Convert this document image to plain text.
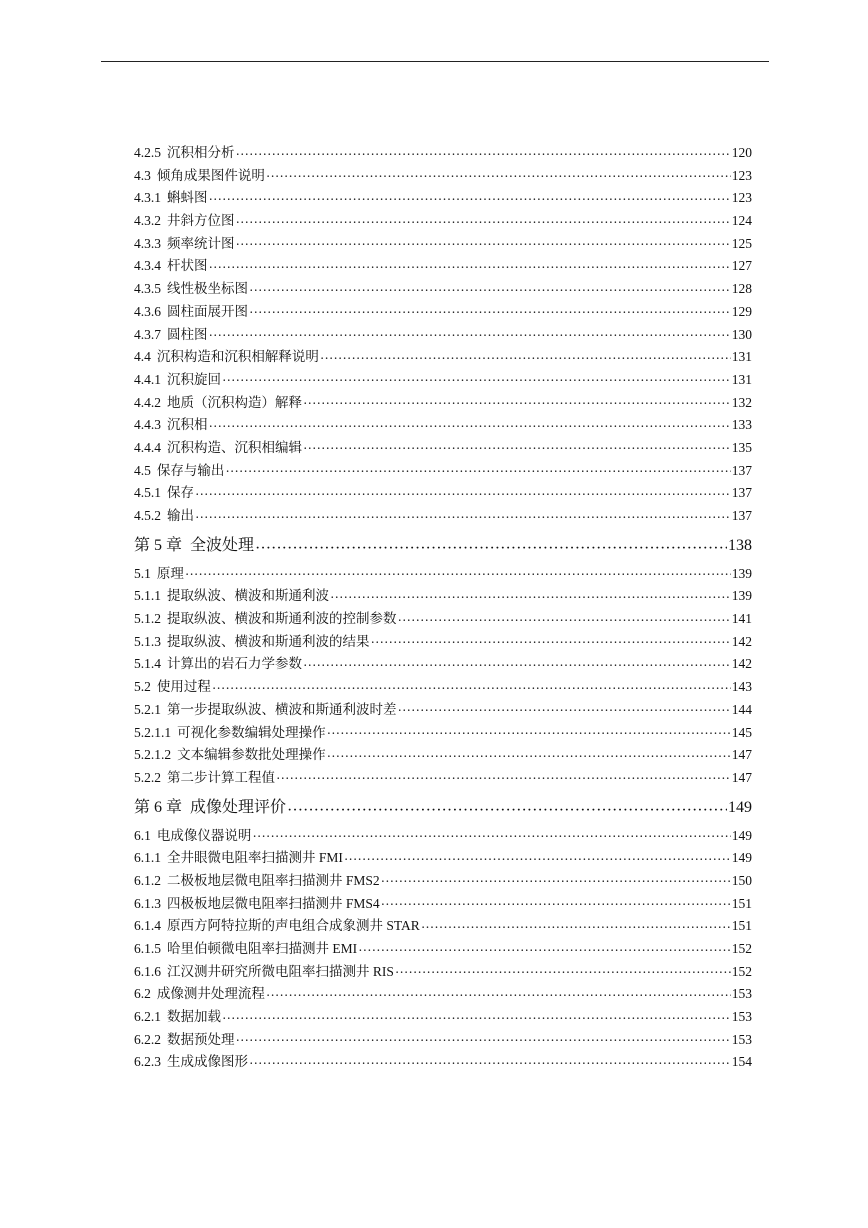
4.2.5 沉积相分析 ·····	120
4.3 倾角成果图件说明 ·····	123
4.3.1 蝌蚪图 ·····	123
4.3.2 井斜方位图 ·····	124
4.3.3 频率统计图 ·····	125
4.3.4 杆状图 ·····	127
4.3.5 线性极坐标图 ·····	128
4.3.6 圆柱面展开图 ·····	129
4.3.7 圆柱图 ·····	130
4.4 沉积构造和沉积相解释说明 ·····	131
4.4.1 沉积旋回 ·····	131
4.4.2 地质（沉积构造）解释 ·····	132
4.4.3 沉积相 ·····	133
4.4.4 沉积构造、沉积相编辑 ·····	135
4.5 保存与输出 ·····	137
4.5.1 保存 ·····	137
4.5.2 输出 ·····	137
第 5 章 全波处理 ·····	138
5.1 原理 ·····	139
5.1.1 提取纵波、横波和斯通利波 ·····	139
5.1.2 提取纵波、横波和斯通利波的控制参数 ·····	141
5.1.3 提取纵波、横波和斯通利波的结果 ·····	142
5.1.4 计算出的岩石力学参数 ·····	142
5.2 使用过程 ·····	143
5.2.1 第一步提取纵波、横波和斯通利波时差 ·····	144
5.2.1.1 可视化参数编辑处理操作 ·····	145
5.2.1.2 文本编辑参数批处理操作 ·····	147
5.2.2 第二步计算工程值 ·····	147
第 6 章 成像处理评价 ·····	149
6.1 电成像仪器说明 ·····	149
6.1.1 全井眼微电阻率扫描测井 FMI ·····	149
6.1.2 二极板地层微电阻率扫描测井 FMS2 ·····	150
6.1.3 四极板地层微电阻率扫描测井 FMS4 ·····	151
6.1.4 原西方阿特拉斯的声电组合成象测井 STAR ·····	151
6.1.5 哈里伯顿微电阻率扫描测井 EMI ·····	152
6.1.6 江汉测井研究所微电阻率扫描测井 RIS ·····	152
6.2 成像测井处理流程 ·····	153
6.2.1 数据加载 ·····	153
6.2.2 数据预处理 ·····	153
6.2.3 生成成像图形 ·····	154
